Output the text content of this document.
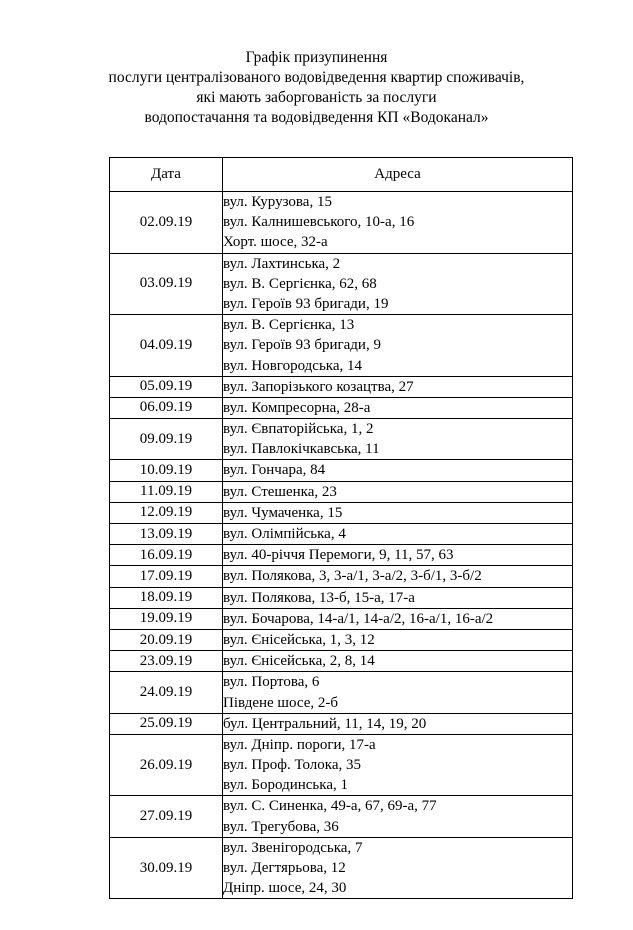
Графік призупинення
послуги централізованого водовідведення квартир споживачів,
які мають заборгованість за послуги
водопостачання та водовідведення КП «Водоканал»
Дата	Адреса
02.09.19	вул. Курузова, 15
вул. Калнишевського, 10-а, 16
Хорт. шосе, 32-а

03.09.19	вул. Лахтинська, 2
вул. В. Сергієнка, 62, 68
вул. Героїв 93 бригади, 19

04.09.19	вул. В. Сергієнка, 13
вул. Героїв 93 бригади, 9
вул. Новгородська, 14

05.09.19	вул. Запорізького козацтва, 27

06.09.19	вул. Компресорна, 28-а

09.09.19	вул. Євпаторійська, 1, 2
вул. Павлокічкавська, 11

10.09.19	вул. Гончара, 84

11.09.19	вул. Стешенка, 23

12.09.19	вул. Чумаченка, 15

13.09.19	вул. Олімпійська, 4

16.09.19	вул. 40-річчя Перемоги, 9, 11, 57, 63

17.09.19	вул. Полякова, 3, 3-а/1, 3-а/2, 3-б/1, 3-б/2

18.09.19	вул. Полякова, 13-б, 15-а, 17-а

19.09.19	вул. Бочарова, 14-а/1, 14-а/2, 16-а/1, 16-а/2

20.09.19	вул. Єнісейська, 1, 3, 12

23.09.19	вул. Єнісейська, 2, 8, 14

24.09.19	вул. Портова, 6
Південе шосе, 2-б

25.09.19	бул. Центральний, 11, 14, 19, 20

26.09.19	вул. Дніпр. пороги, 17-а
вул. Проф. Толока, 35
вул. Бородинська, 1

27.09.19	вул. С. Синенка, 49-а, 67, 69-а, 77
вул. Трегубова, 36

30.09.19	вул. Звенігородська, 7
вул. Дегтярьова, 12
Дніпр. шосе, 24, 30
